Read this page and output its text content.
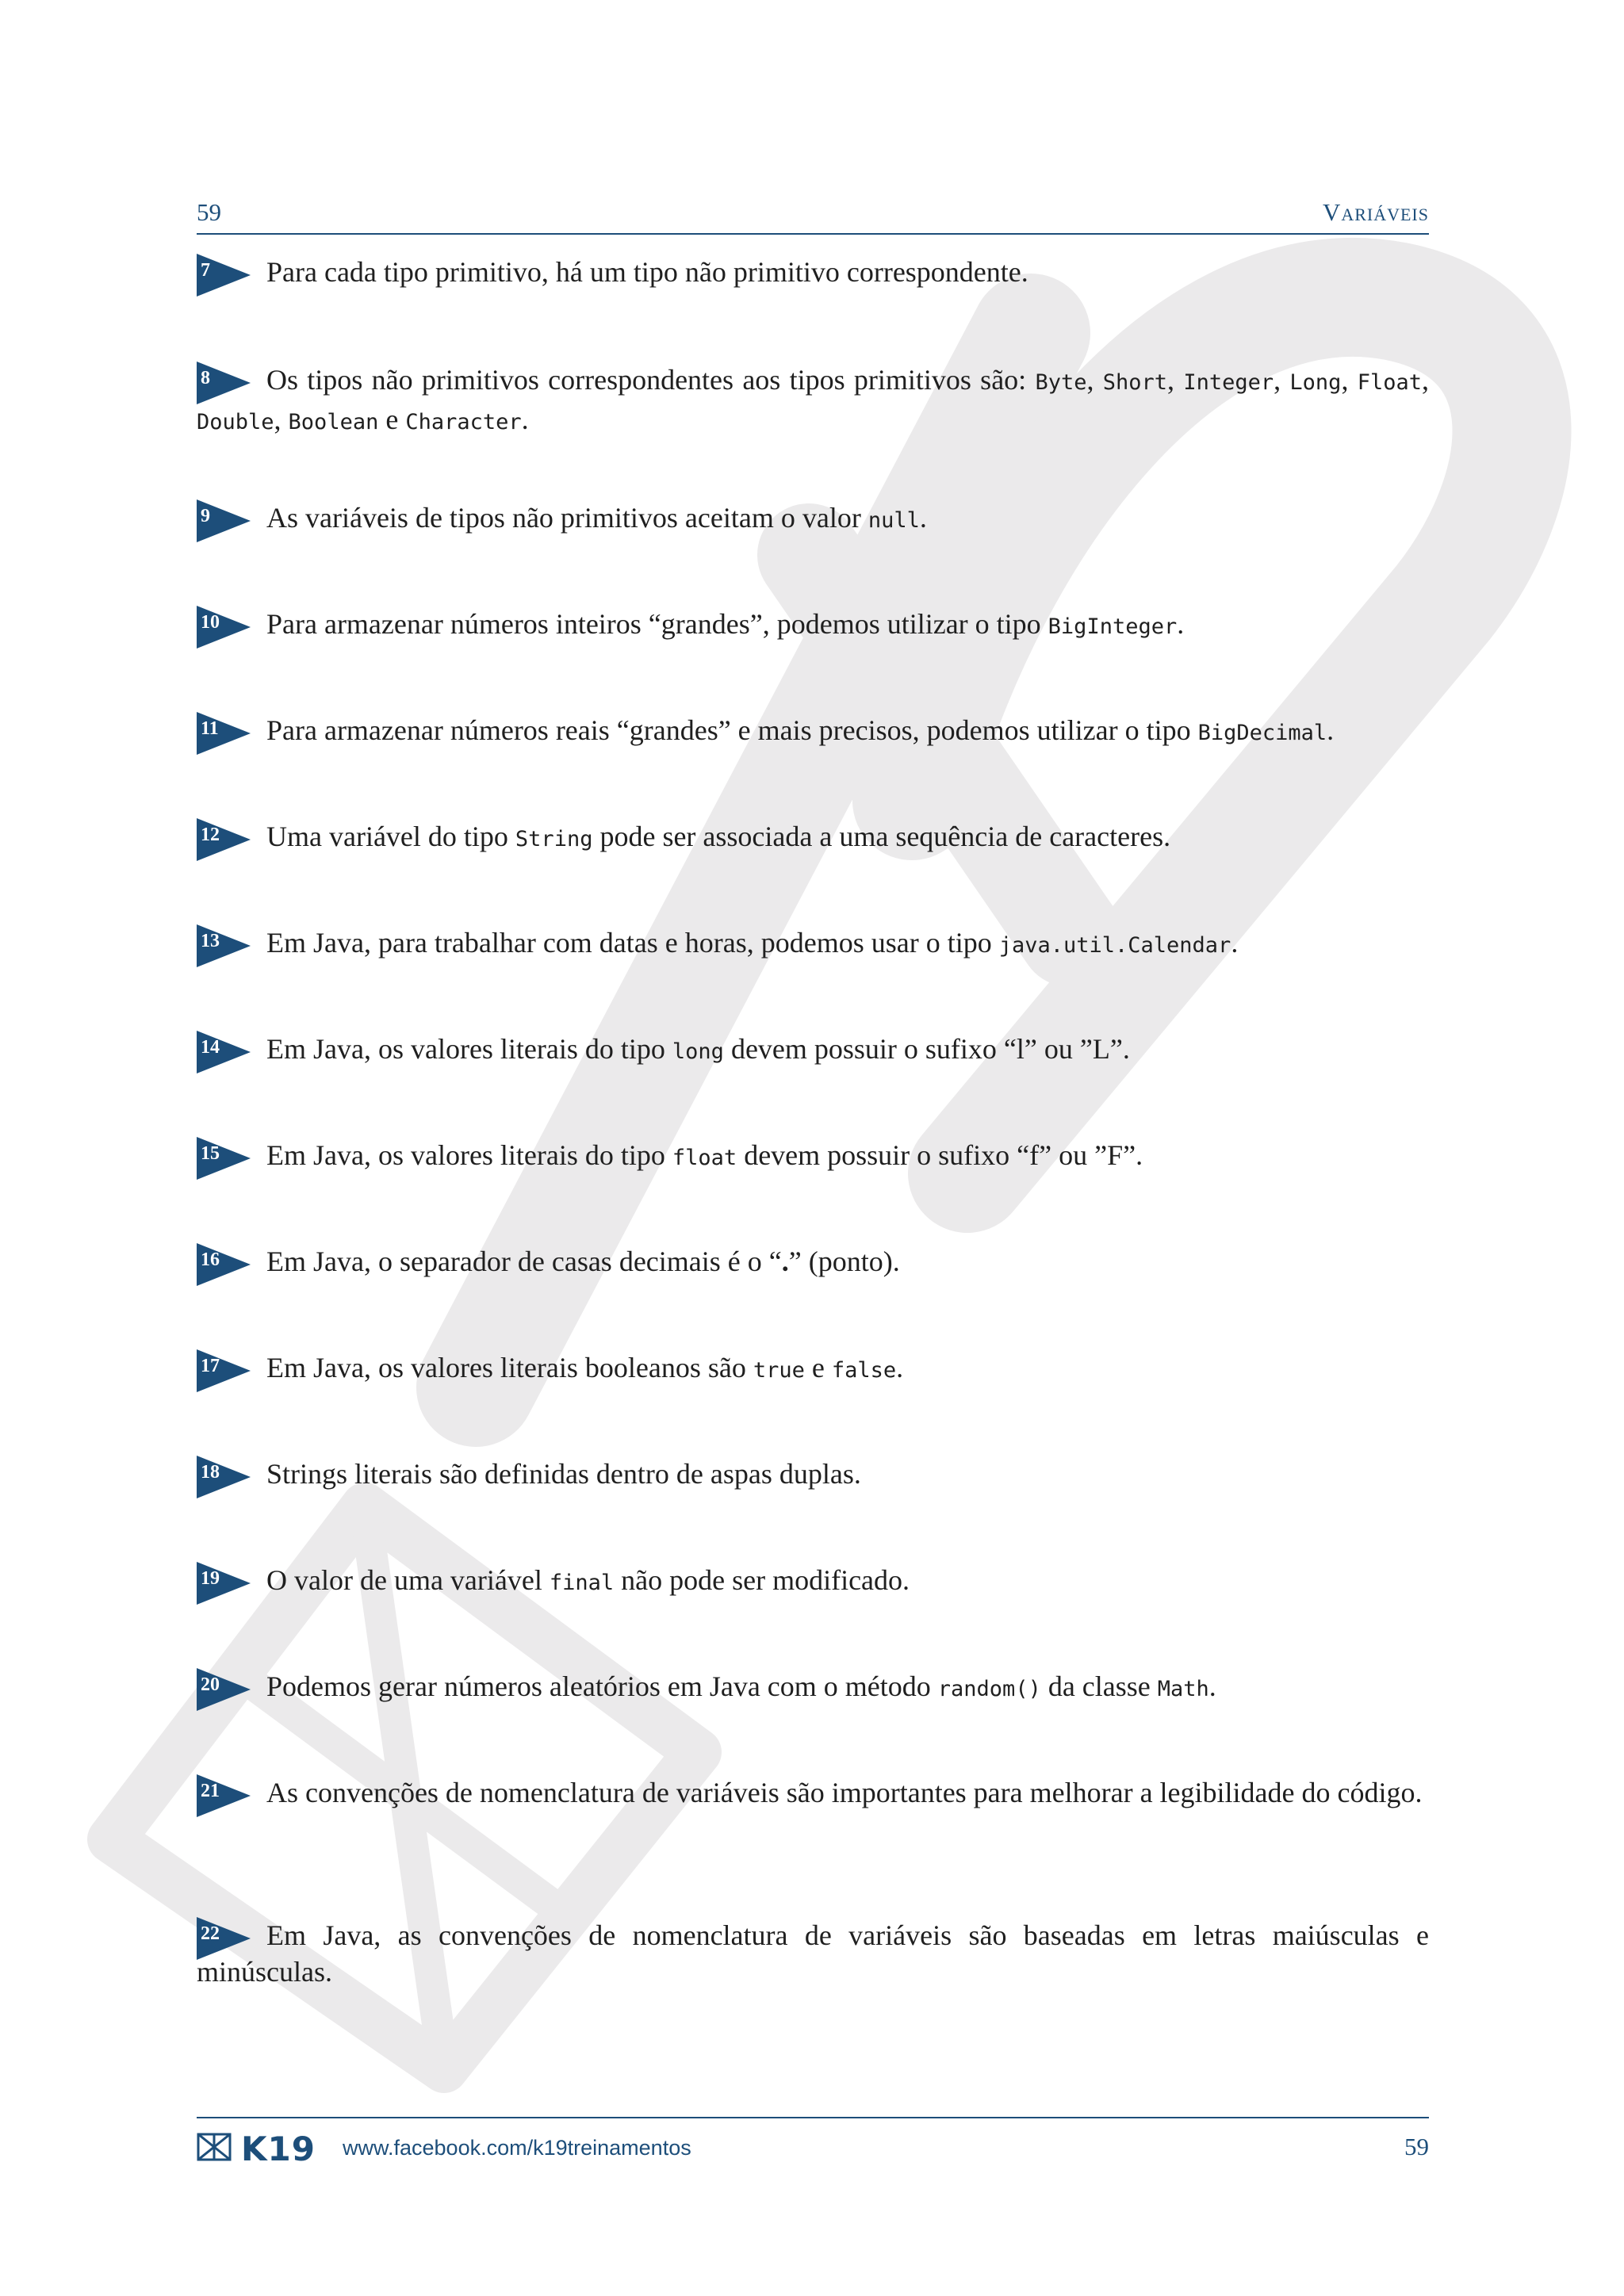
59	Variáveis
7	Para cada tipo primitivo, há um tipo não primitivo correspondente.

8	Os tipos não primitivos correspondentes aos tipos primitivos são: Byte, Short, Integer, Long, Float, Double, Boolean e Character.

9	As variáveis de tipos não primitivos aceitam o valor null.

10	Para armazenar números inteiros “grandes”, podemos utilizar o tipo BigInteger.

11	Para armazenar números reais “grandes” e mais precisos, podemos utilizar o tipo BigDecimal.

12	Uma variável do tipo String pode ser associada a uma sequência de caracteres.

13	Em Java, para trabalhar com datas e horas, podemos usar o tipo java.util.Calendar.

14	Em Java, os valores literais do tipo long devem possuir o sufixo “l” ou ”L”.

15	Em Java, os valores literais do tipo float devem possuir o sufixo “f” ou ”F”.

16	Em Java, o separador de casas decimais é o “.” (ponto).

17	Em Java, os valores literais booleanos são true e false.

18	Strings literais são definidas dentro de aspas duplas.

19	O valor de uma variável final não pode ser modificado.

20	Podemos gerar números aleatórios em Java com o método random() da classe Math.

21	As convenções de nomenclatura de variáveis são importantes para melhorar a legibilidade do código.

22	Em Java, as convenções de nomenclatura de variáveis são baseadas em letras maiúsculas e minúsculas.

K19 www.facebook.com/k19treinamentos	59
